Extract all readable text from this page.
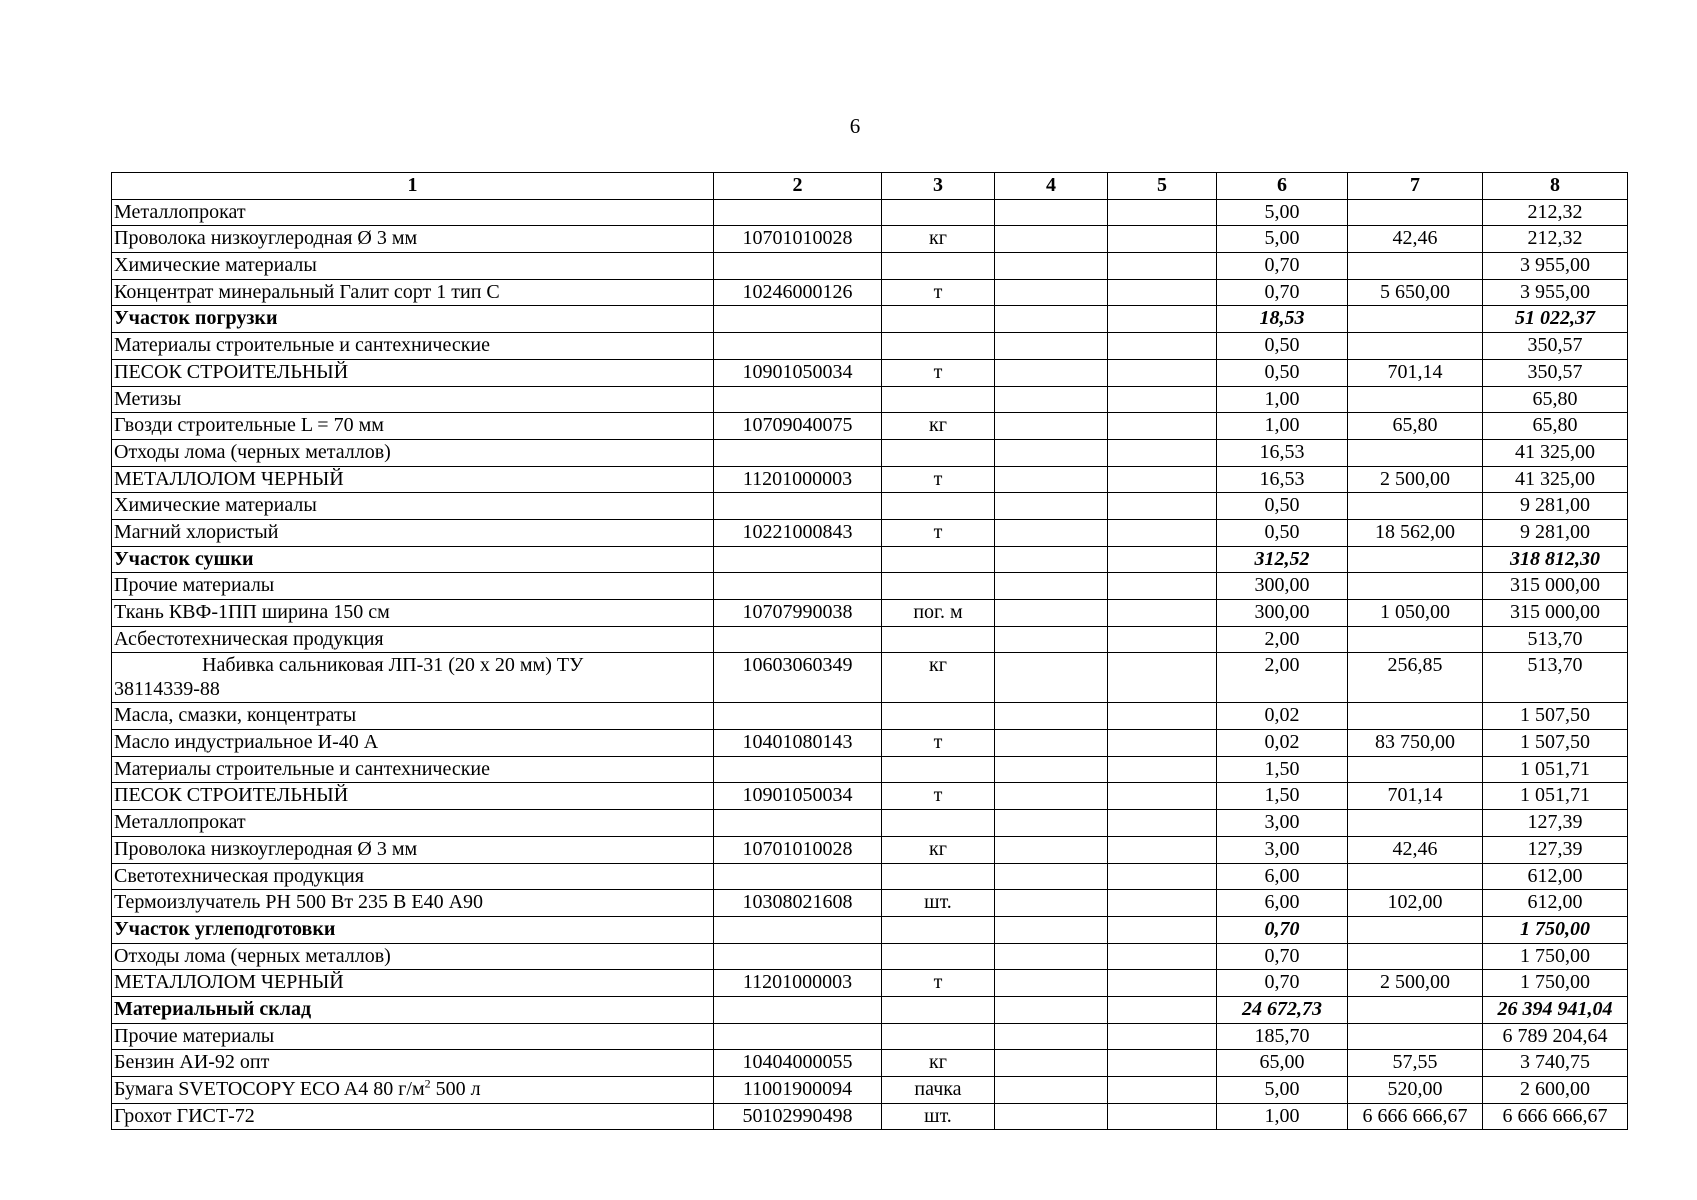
6
1	2	3	4	5	6	7	8
Металлопрокат					5,00		212,32
Проволока низкоуглеродная Ø 3 мм	10701010028	кг			5,00	42,46	212,32
Химические материалы					0,70		3 955,00
Концентрат минеральный Галит сорт 1 тип С	10246000126	т			0,70	5 650,00	3 955,00
Участок погрузки					18,53		51 022,37
Материалы строительные и сантехнические					0,50		350,57
ПЕСОК СТРОИТЕЛЬНЫЙ	10901050034	т			0,50	701,14	350,57
Метизы					1,00		65,80
Гвозди строительные L = 70 мм	10709040075	кг			1,00	65,80	65,80
Отходы лома (черных металлов)					16,53		41 325,00
МЕТАЛЛОЛОМ ЧЕРНЫЙ	11201000003	т			16,53	2 500,00	41 325,00
Химические материалы					0,50		9 281,00
Магний хлористый	10221000843	т			0,50	18 562,00	9 281,00
Участок сушки					312,52		318 812,30
Прочие материалы					300,00		315 000,00
Ткань КВФ-1ПП ширина 150 см	10707990038	пог. м			300,00	1 050,00	315 000,00
Асбестотехническая продукция					2,00		513,70
Набивка сальниковая ЛП-31 (20 х 20 мм) ТУ
38114339-88	10603060349	кг			2,00	256,85	513,70
Масла, смазки, концентраты					0,02		1 507,50
Масло индустриальное И-40 А	10401080143	т			0,02	83 750,00	1 507,50
Материалы строительные и сантехнические					1,50		1 051,71
ПЕСОК СТРОИТЕЛЬНЫЙ	10901050034	т			1,50	701,14	1 051,71
Металлопрокат					3,00		127,39
Проволока низкоуглеродная Ø 3 мм	10701010028	кг			3,00	42,46	127,39
Светотехническая продукция					6,00		612,00
Термоизлучатель РН 500 Вт 235 В Е40 А90	10308021608	шт.			6,00	102,00	612,00
Участок углеподготовки					0,70		1 750,00
Отходы лома (черных металлов)					0,70		1 750,00
МЕТАЛЛОЛОМ ЧЕРНЫЙ	11201000003	т			0,70	2 500,00	1 750,00
Материальный склад					24 672,73		26 394 941,04
Прочие материалы					185,70		6 789 204,64
Бензин АИ-92 опт	10404000055	кг			65,00	57,55	3 740,75
Бумага SVETOCOPY ECO A4 80 $г/м^2$ 500 л	11001900094	пачка			5,00	520,00	2 600,00
Грохот ГИСТ-72	50102990498	шт.			1,00	6 666 666,67	6 666 666,67
